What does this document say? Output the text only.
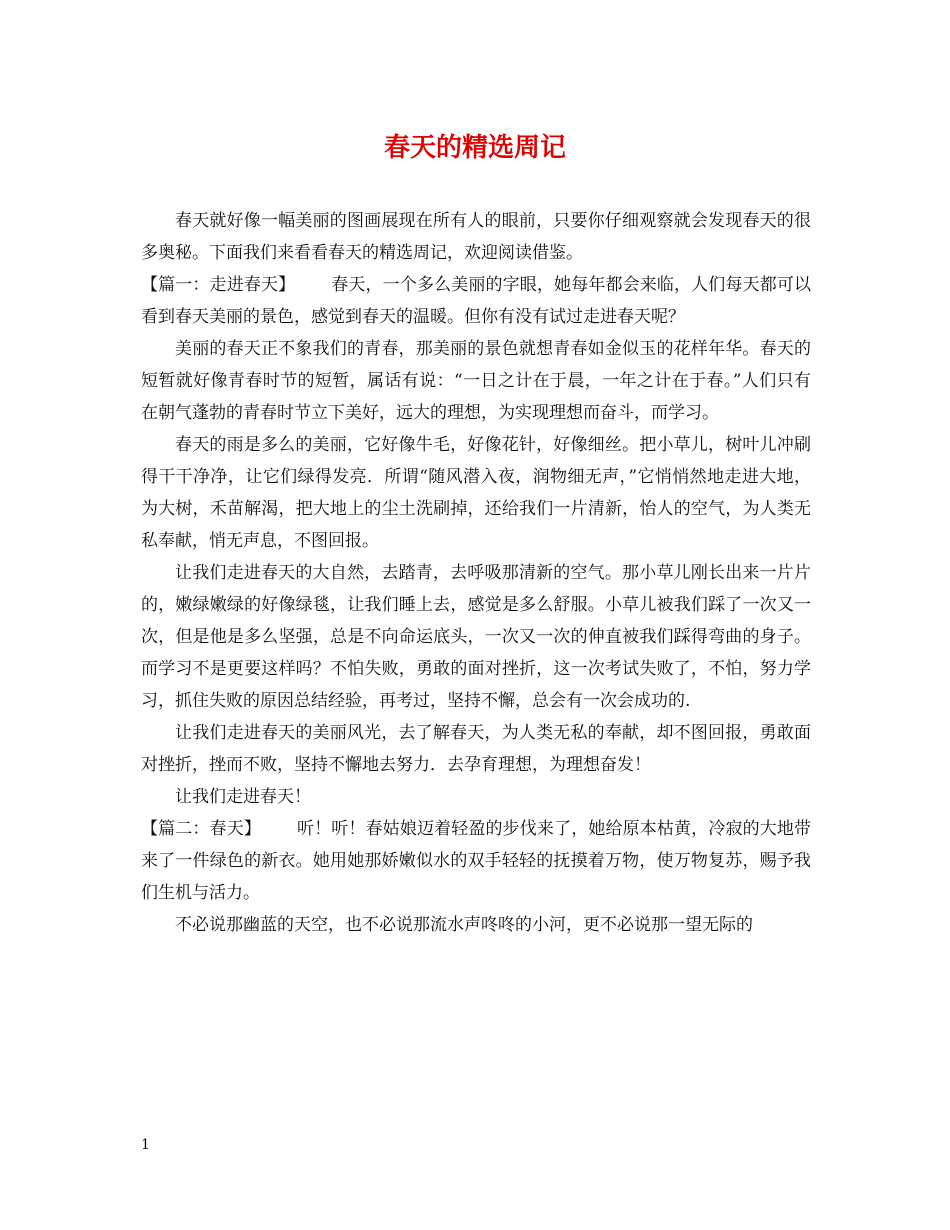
春天的精选周记

春天就好像一幅美丽的图画展现在所有人的眼前，只要你仔细观察就会发现春天的很多奥秘。下面我们来看看春天的精选周记，欢迎阅读借鉴。

【篇一：走进春天】 春天，一个多么美丽的字眼，她每年都会来临，人们每天都可以看到春天美丽的景色，感觉到春天的温暖。但你有没有试过走进春天呢？

美丽的春天正不象我们的青春，那美丽的景色就想青春如金似玉的花样年华。春天的短暂就好像青春时节的短暂，属话有说：“一日之计在于晨，一年之计在于春。”人们只有在朝气蓬勃的青春时节立下美好，远大的理想，为实现理想而奋斗，而学习。

春天的雨是多么的美丽，它好像牛毛，好像花针，好像细丝。把小草儿，树叶儿冲刷得干干净净，让它们绿得发亮．所谓“随风潜入夜，润物细无声，”它悄悄然地走进大地，为大树，禾苗解渴，把大地上的尘土洗刷掉，还给我们一片清新，怡人的空气，为人类无私奉献，悄无声息，不图回报。

让我们走进春天的大自然，去踏青，去呼吸那清新的空气。那小草儿刚长出来一片片的，嫩绿嫩绿的好像绿毯，让我们睡上去，感觉是多么舒服。小草儿被我们踩了一次又一次，但是他是多么坚强，总是不向命运底头，一次又一次的伸直被我们踩得弯曲的身子。而学习不是更要这样吗？不怕失败，勇敢的面对挫折，这一次考试失败了，不怕，努力学习，抓住失败的原因总结经验，再考过，坚持不懈，总会有一次会成功的.

让我们走进春天的美丽风光，去了解春天，为人类无私的奉献，却不图回报，勇敢面对挫折，挫而不败，坚持不懈地去努力．去孕育理想，为理想奋发！

让我们走进春天！

【篇二：春天】 听！听！春姑娘迈着轻盈的步伐来了，她给原本枯黄，冷寂的大地带来了一件绿色的新衣。她用她那娇嫩似水的双手轻轻的抚摸着万物，使万物复苏，赐予我们生机与活力。

不必说那幽蓝的天空，也不必说那流水声咚咚的小河，更不必说那一望无际的

1
